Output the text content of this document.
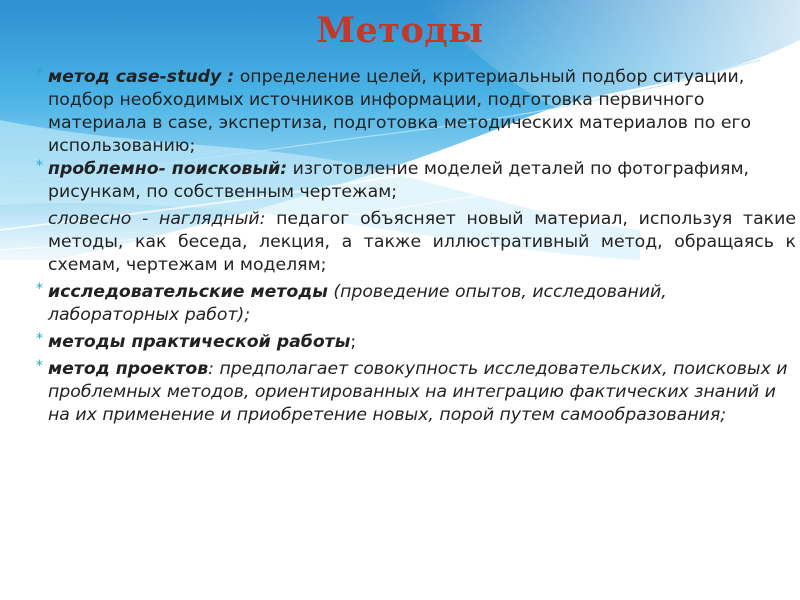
Методы

* метод case-study : определение целей, критериальный подбор ситуации, подбор необходимых источников информации, подготовка первичного материала в case, экспертиза, подготовка методических материалов по его использованию;

* проблемно- поисковый: изготовление моделей деталей по фотографиям, рисункам, по собственным чертежам;

словесно - наглядный: педагог объясняет новый материал, используя такие методы, как беседа, лекция, а также иллюстративный метод, обращаясь к схемам, чертежам и моделям;

* исследовательские методы (проведение опытов, исследований, лабораторных работ);

* методы практической работы;

* метод проектов: предполагает совокупность исследовательских, поисковых и проблемных методов, ориентированных на интеграцию фактических знаний и на их применение и приобретение новых, порой путем самообразования;
